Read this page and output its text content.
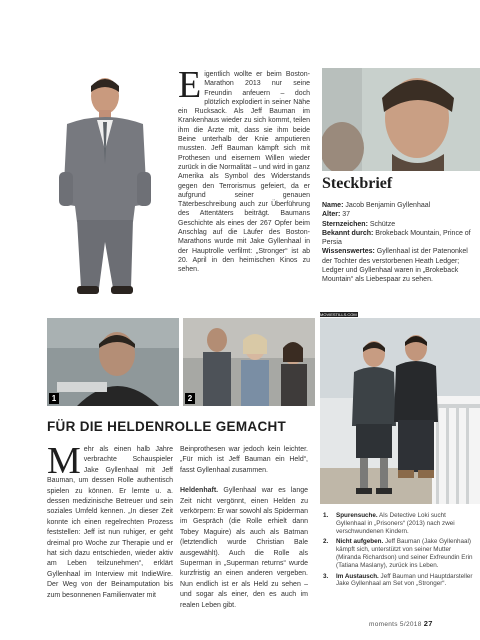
Eigentlich wollte er beim Boston-Marathon 2013 nur seine Freundin anfeuern – doch plötzlich explodiert in seiner Nähe ein Rucksack. Als Jeff Bauman im Krankenhaus wieder zu sich kommt, teilen ihm die Ärzte mit, dass sie ihm beide Beine unterhalb der Knie amputieren mussten. Jeff Bauman kämpft sich mit Prothesen und eisernem Willen wieder zurück in die Normalität – und wird in ganz Amerika als Symbol des Widerstands gegen den Terrorismus gefeiert, da er aufgrund seiner genauen Täterbeschreibung auch zur Überführung des Attentäters beiträgt. Baumans Geschichte als eines der 267 Opfer beim Anschlag auf die Läufer des Boston-Marathons wurde mit Jake Gyllenhaal in der Hauptrolle verfilmt: „Stronger“ ist ab 20. April in den heimischen Kinos zu sehen.
Steckbrief
Name: Jacob Benjamin Gyllenhaal
Alter: 37
Sternzeichen: Schütze
Bekannt durch: Brokeback Mountain, Prince of Persia
Wissenswertes: Gyllenhaal ist der Patenonkel der Tochter des verstorbenen Heath Ledger; Ledger und Gyllenhaal waren in „Brokeback Mountain“ als Liebespaar zu sehen.
1	2
MOVIESTILLS.COM
FÜR DIE HELDENROLLE GEMACHT
Mehr als einen halb Jahre verbrachte Schauspieler Jake Gyllenhaal mit Jeff Bauman, um dessen Rolle authentisch spielen zu können. Er lernte u. a. dessen medizinische Betreuer und sein soziales Umfeld kennen. „In dieser Zeit konnte ich einen regelrechten Prozess feststellen: Jeff ist nun ruhiger, er geht dreimal pro Woche zur Therapie und er hat sich dazu entschieden, wieder aktiv am Leben teilzunehmen“, erklärt Gyllenhaal im Interview mit IndieWire. Der Weg von der Beinamputation bis zum besonnenen Familienvater mit

Beinprothesen war jedoch kein leichter. „Für mich ist Jeff Bauman ein Held“, fasst Gyllenhaal zusammen.

Heldenhaft. Gyllenhaal war es lange Zeit nicht vergönnt, einen Helden zu verkörpern: Er war sowohl als Spiderman im Gespräch (die Rolle erhielt dann Tobey Maguire) als auch als Batman (letztendlich wurde Christian Bale ausgewählt). Auch die Rolle als Superman in „Superman returns“ wurde kurzfristig an einen anderen vergeben. Nun endlich ist er als Held zu sehen – und sogar als einer, den es auch im realen Leben gibt.

1. Spurensuche. Als Detective Loki sucht Gyllenhaal in „Prisoners“ (2013) nach zwei verschwundenen Kindern.
2. Nicht aufgeben. Jeff Bauman (Jake Gyllenhaal) kämpft sich, unterstützt von seiner Mutter (Miranda Richardson) und seiner Exfreundin Erin (Tatiana Maslany), zurück ins Leben.
3. Im Austausch. Jeff Bauman und Hauptdarsteller Jake Gyllenhaal am Set von „Stronger“.
moments 5/2018 27
